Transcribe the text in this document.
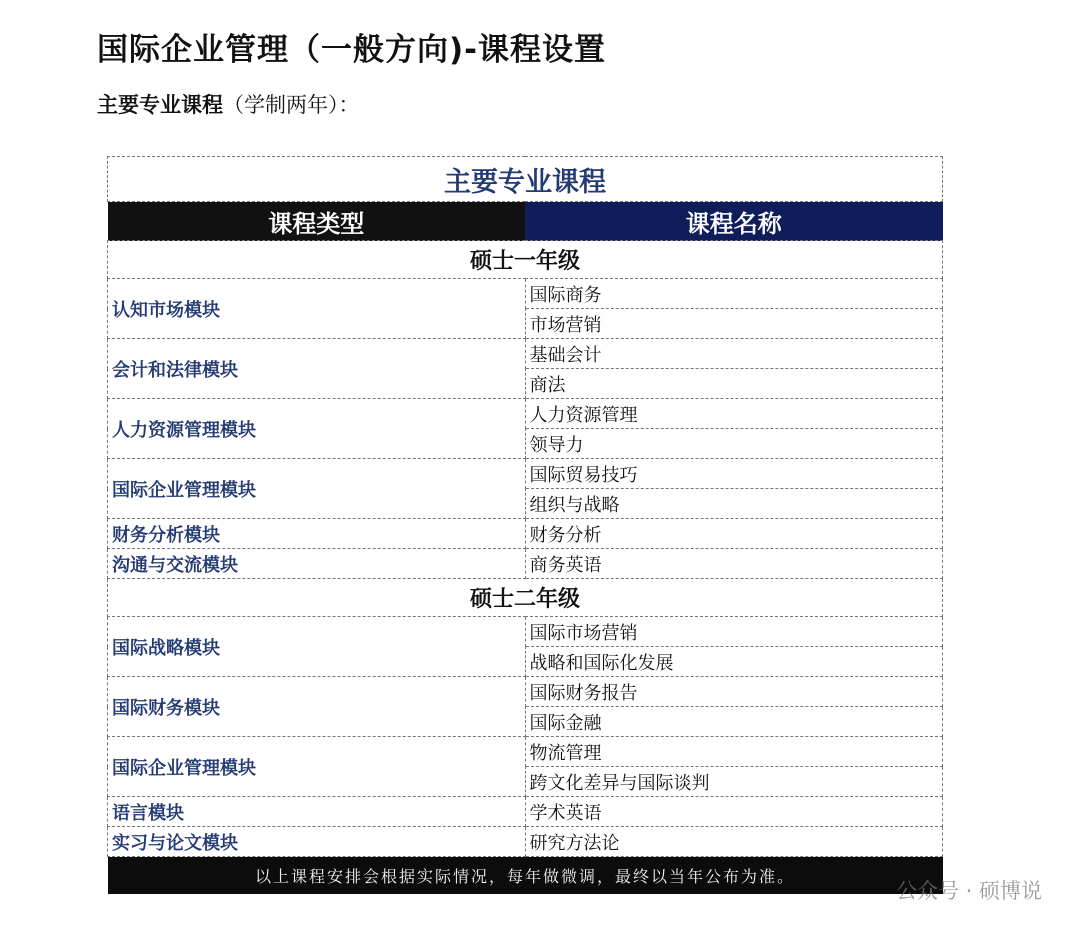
国际企业管理（一般方向)-课程设置

主要专业课程（学制两年）：

主要专业课程	
课程类型	课程名称
硕士一年级	
认知市场模块	国际商务
	市场营销
会计和法律模块	基础会计
	商法
人力资源管理模块	人力资源管理
	领导力
国际企业管理模块	国际贸易技巧
	组织与战略
财务分析模块	财务分析
沟通与交流模块	商务英语
硕士二年级	
国际战略模块	国际市场营销
	战略和国际化发展
国际财务模块	国际财务报告
	国际金融
国际企业管理模块	物流管理
	跨文化差异与国际谈判
语言模块	学术英语
实习与论文模块	研究方法论
以上课程安排会根据实际情况，每年做微调，最终以当年公布为准。	
公众号 · 硕博说
